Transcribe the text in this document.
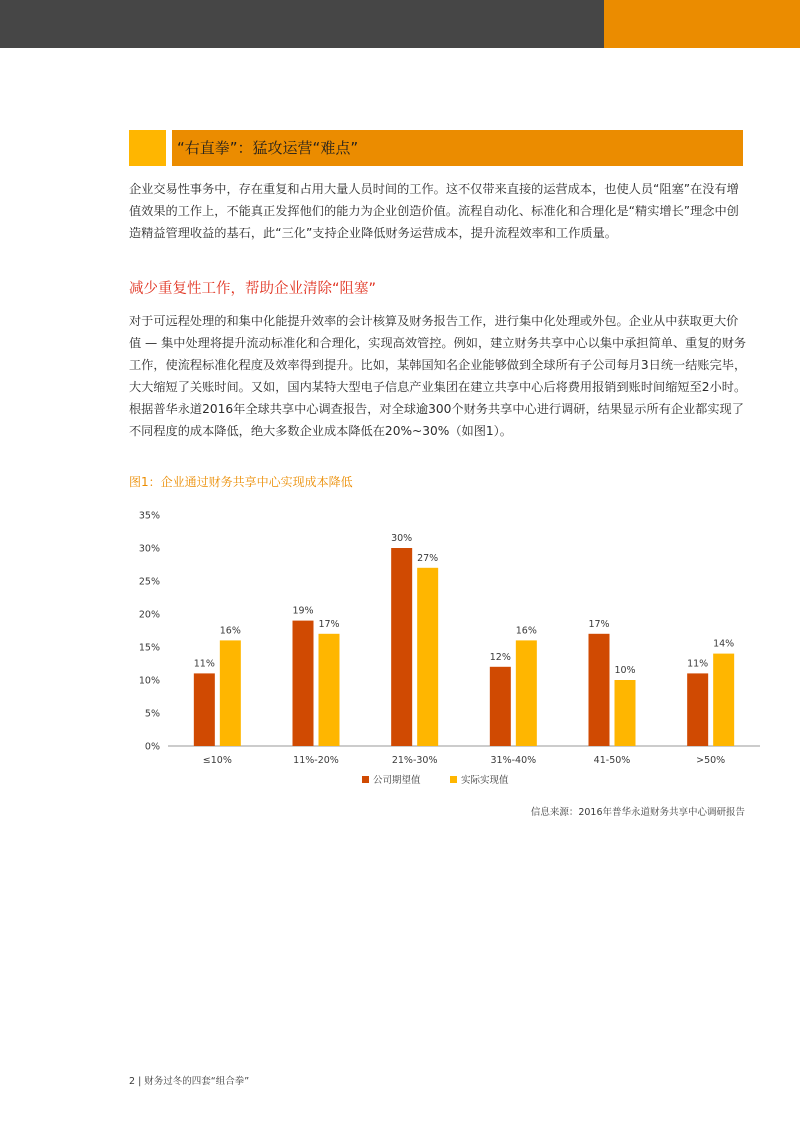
“右直拳”：猛攻运营“难点”

企业交易性事务中，存在重复和占用大量人员时间的工作。这不仅带来直接的运营成本，也使人员“阻塞”在没有增值效果的工作上，不能真正发挥他们的能力为企业创造价值。流程自动化、标准化和合理化是“精实增长”理念中创造精益管理收益的基石，此“三化”支持企业降低财务运营成本，提升流程效率和工作质量。

减少重复性工作，帮助企业清除“阻塞”

对于可远程处理的和集中化能提升效率的会计核算及财务报告工作，进行集中化处理或外包。企业从中获取更大价值 — 集中处理将提升流动标准化和合理化，实现高效管控。例如，建立财务共享中心以集中承担简单、重复的财务工作，使流程标准化程度及效率得到提升。比如，某韩国知名企业能够做到全球所有子公司每月3日统一结账完毕，大大缩短了关账时间。又如，国内某特大型电子信息产业集团在建立共享中心后将费用报销到账时间缩短至2小时。根据普华永道2016年全球共享中心调查报告，对全球逾300个财务共享中心进行调研，结果显示所有企业都实现了不同程度的成本降低，绝大多数企业成本降低在20%~30%（如图1）。

图1：企业通过财务共享中心实现成本降低
0%
5%
10%
15%
20%
25%
30%
35%
11%
16%
≤10%
19%
17%
11%-20%
30%
27%
21%-30%
12%
16%
31%-40%
17%
10%
41-50%
11%
14%
>50%
公司期望值	实际实现值
信息来源：2016年普华永道财务共享中心调研报告
2 | 财务过冬的四套“组合拳”
